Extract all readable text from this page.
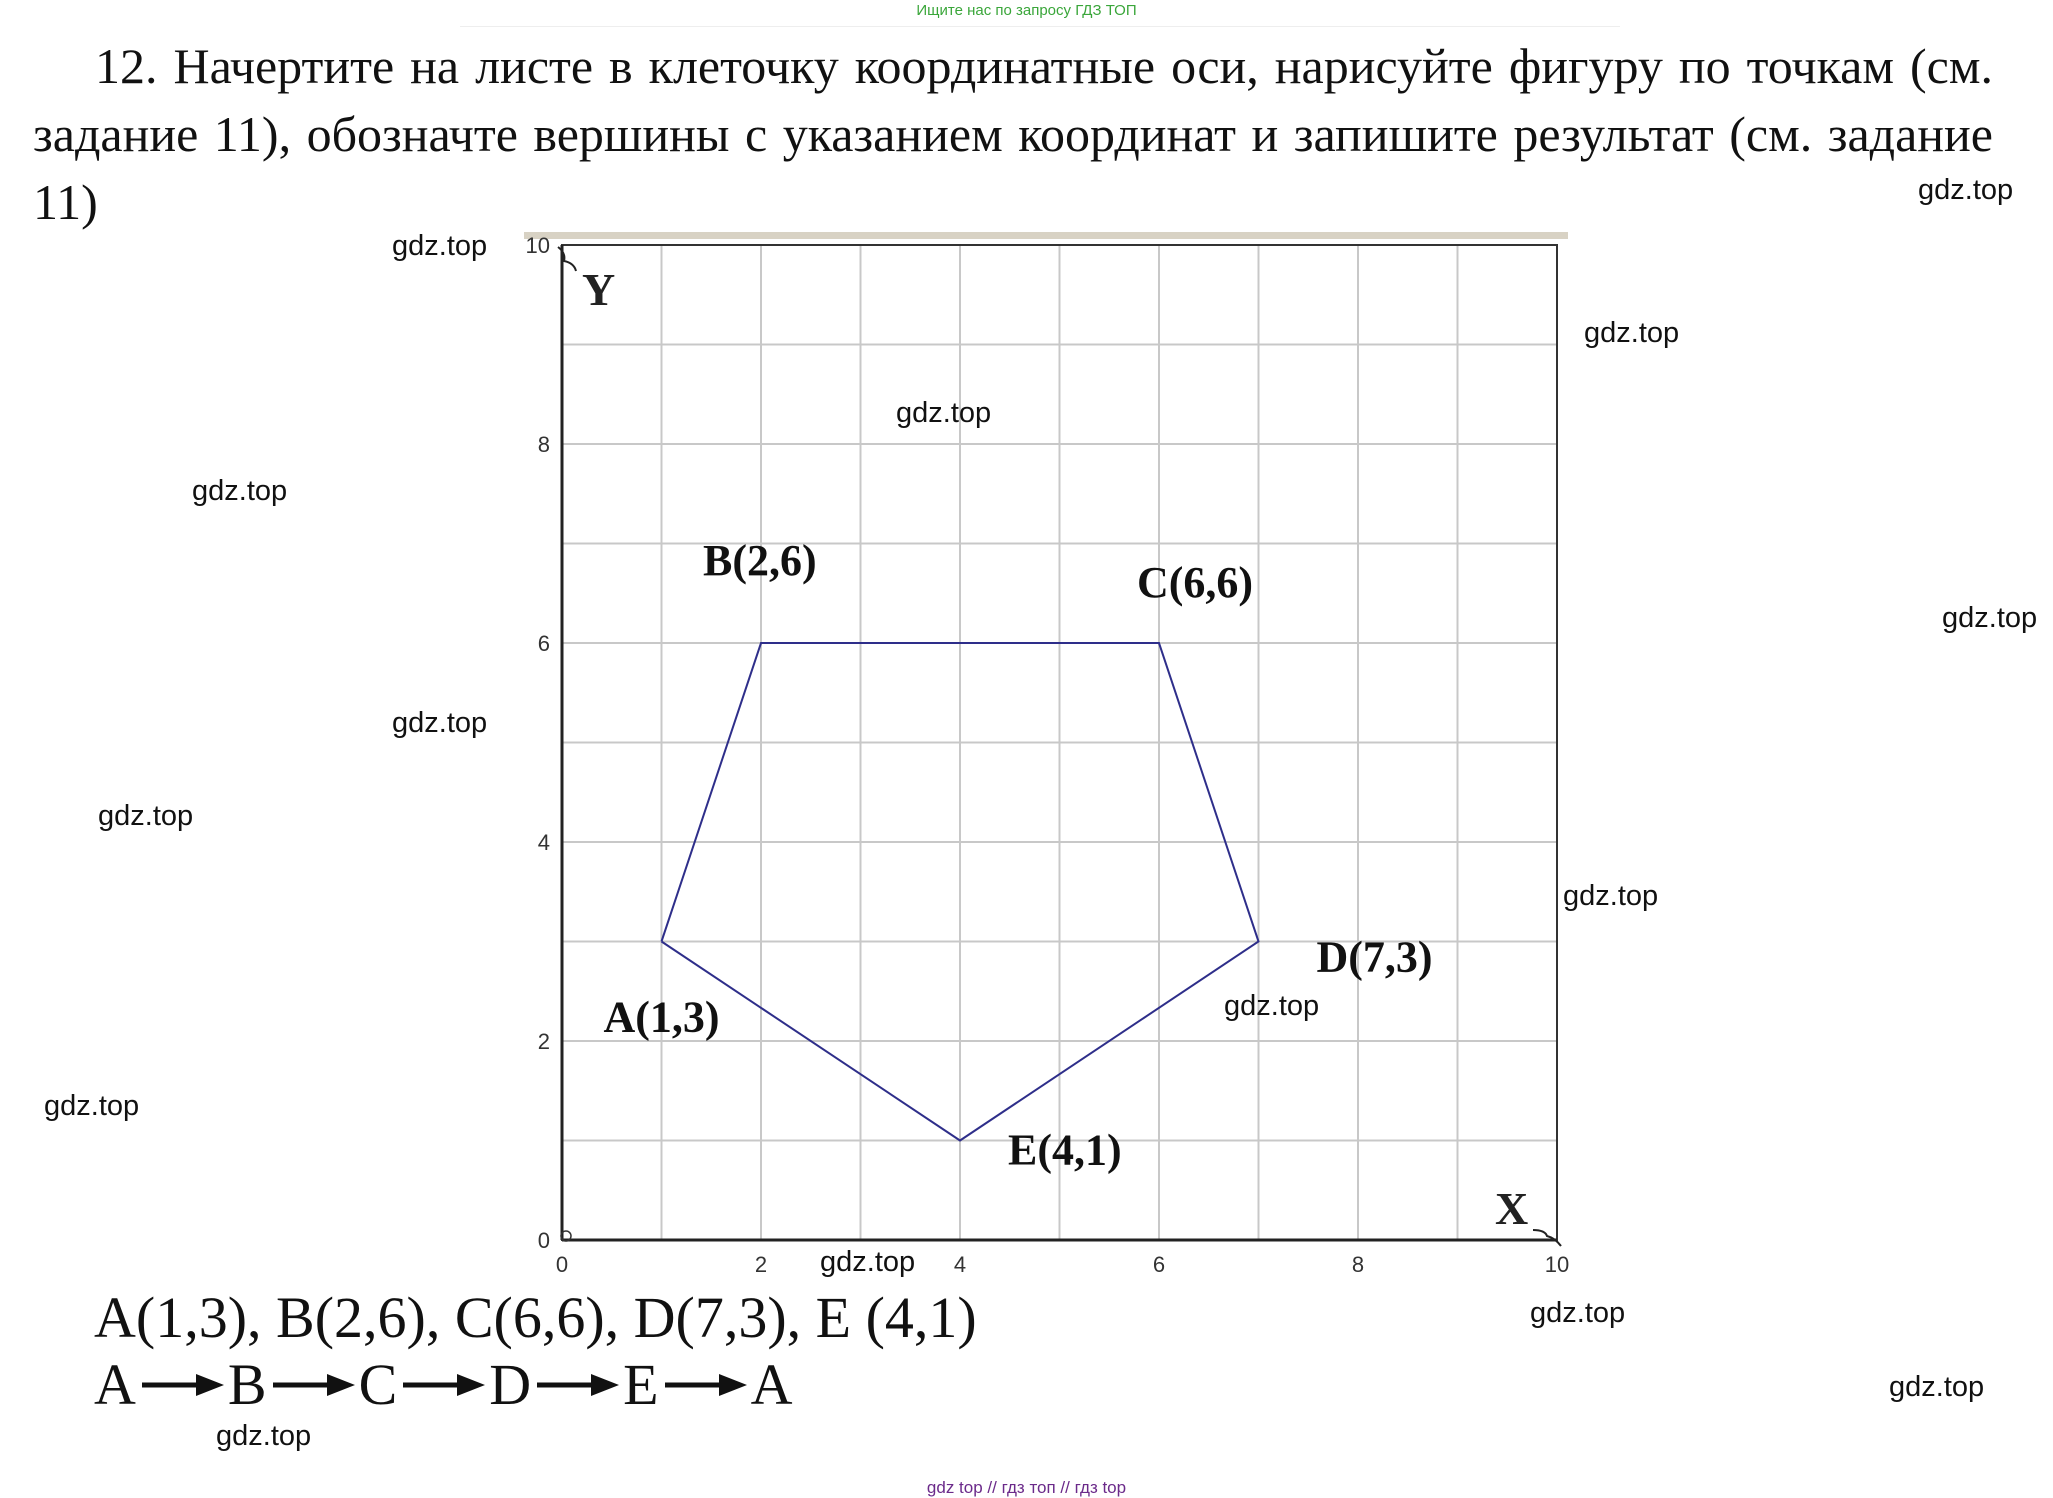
Ищите нас по запросу ГДЗ ТОП
12. Начертите на листе в клеточку координатные оси, нарисуйте фигуру по точкам (см. задание 11), обозначте вершины с указанием координат и запишите результат (см. задание 11)
X
Y
0	2	4	6	8	10
0
2
4
6
8
10
A(1,3)
B(2,6)	C(6,6)
D(7,3)
E(4,1)
A(1,3), B(2,6), C(6,6), D(7,3), E (4,1)
A B C D E A
gdz.top
gdz.top
gdz.top
gdz.top
gdz.top
gdz.top
gdz.top
gdz.top
gdz.top
gdz.top
gdz.top
gdz.top
gdz.top
gdz.top
gdz.top
gdz top // гдз топ // гдз top
